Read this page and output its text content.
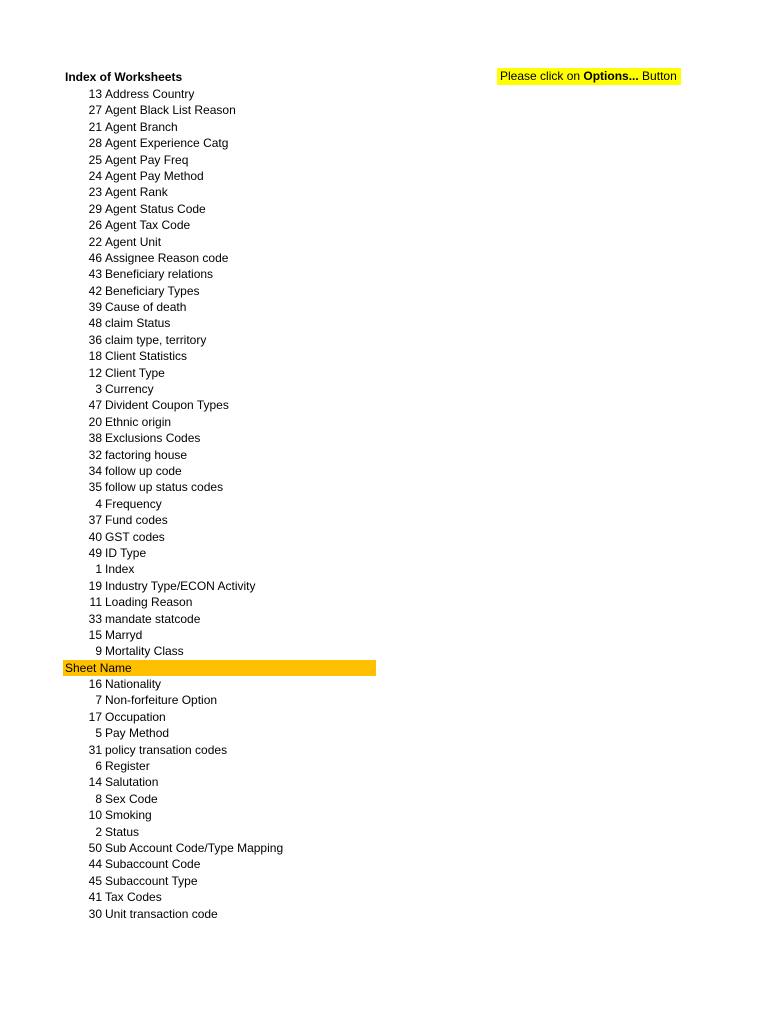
Index of Worksheets	Please click on Options... Button
13 Address Country
27 Agent Black List Reason
21 Agent Branch
28 Agent Experience Catg
25 Agent Pay Freq
24 Agent Pay Method
23 Agent Rank
29 Agent Status Code
26 Agent Tax Code
22 Agent Unit
46 Assignee Reason code
43 Beneficiary relations
42 Beneficiary Types
39 Cause of death
48 claim Status
36 claim type, territory
18 Client Statistics
12 Client Type
3 Currency
47 Divident Coupon Types
20 Ethnic origin
38 Exclusions Codes
32 factoring house
34 follow up code
35 follow up status codes
4 Frequency
37 Fund codes
40 GST codes
49 ID Type
1 Index
19 Industry Type/ECON Activity
11 Loading Reason
33 mandate statcode
15 Marryd
9 Mortality Class
Sheet Name
16 Nationality
7 Non-forfeiture Option
17 Occupation
5 Pay Method
31 policy transation codes
6 Register
14 Salutation
8 Sex Code
10 Smoking
2 Status
50 Sub Account Code/Type Mapping
44 Subaccount Code
45 Subaccount Type
41 Tax Codes
30 Unit transaction code
